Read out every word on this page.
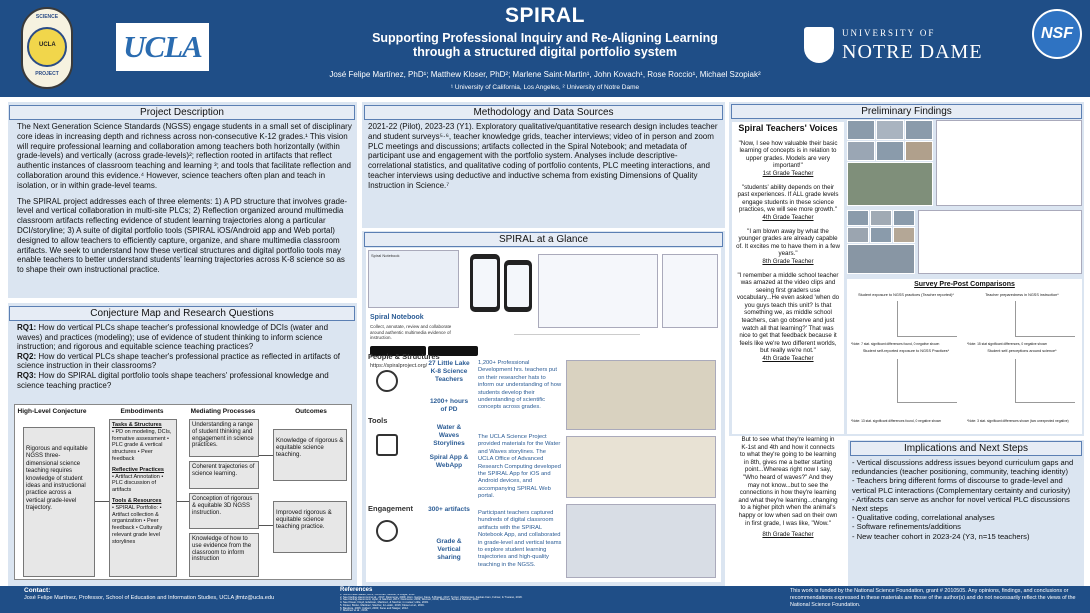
SCIENCE
UCLA
PROJECT
UCLA
SPIRAL
Supporting Professional Inquiry and Re-Aligning Learning
through a structured digital portfolio system
José Felipe Martínez, PhD¹; Matthew Kloser, PhD²; Marlene Saint-Martin¹, John Kovach¹, Rose Roccio¹, Michael Szopiak²
¹ University of California, Los Angeles, ² University of Notre Dame
UNIVERSITY OF
NOTRE DAME
NSF
Project Description

The Next Generation Science Standards (NGSS) engage students in a small set of disciplinary core ideas in increasing depth and richness across non-consecutive K-12 grades.¹ This vision will require professional learning and collaboration among teachers both horizontally (within grade-levels) and vertically (across grade-levels)²; reflection rooted in artifacts that reflect authentic instances of classroom teaching and learning ³; and tools that facilitate reflection and collaboration around this evidence.⁴ However, science teachers often plan and teach in isolation, or in within grade-level teams.

The SPIRAL project addresses each of three elements: 1) A PD structure that involves grade-level and vertical collaboration in multi-site PLCs; 2) Reflection organized around multimedia classroom artifacts reflecting evidence of student learning trajectories along a particular DCI/storyline; 3) A suite of digital portfolio tools (SPIRAL iOS/Android app and Web portal) designed to allow teachers to efficiently capture, organize, and share multimedia classroom artifacts. We seek to understand how these vertical structures and digital portfolio tools may enable teachers to better understand students' learning trajectories across K-8 science so as to shape their own instructional practice.

Conjecture Map and Research Questions
RQ1: How do vertical PLCs shape teacher's professional knowledge of DCIs (water and waves) and practices (modeling); use of evidence of student thinking to inform science instruction; and rigorous and equitable science teaching practices?
RQ2: How do vertical PLCs shape teacher's professional practice as reflected in artifacts of science instruction in their classrooms?
RQ3: How do SPIRAL digital portfolio tools shape teachers' professional knowledge and science teaching practice?
High-Level Conjecture	Embodiments	Mediating Processes	Outcomes
Rigorous and equitable NGSS three-dimensional science teaching requires knowledge of student ideas and instructional practice across a vertical grade-level trajectory.
Tasks & Structures
• PD on modeling, DCIs, formative assessment • PLC grade & vertical structures • Peer feedback
Reflective Practices
• Artifact Annotation • PLC discussion of artifacts
Tools & Resources
• SPIRAL Portfolio: • Artifact collection & organization • Peer feedback • Culturally relevant grade level storylines
Understanding a range of student thinking and engagement in science practices.
Coherent trajectories of science learning.
Conception of rigorous & equitable 3D NGSS instruction.
Knowledge of how to use evidence from the classroom to inform instruction
Knowledge of rigorous & equitable science teaching.
Improved rigorous & equitable science teaching practice.
Methodology and Data Sources
2021-22 (Pilot), 2023-23 (Y1). Exploratory qualitative/quantitative research design includes teacher and student surveys⁵·⁶, teacher knowledge grids, teacher interviews; video of in person and zoom PLC meetings and discussions; artifacts collected in the Spiral Notebook; and metadata of participant use and engagement with the portfolio system. Analyses include descriptive-correlational statistics, and qualitative coding of portfolio contents, PLC meeting interactions, and teacher interviews using deductive and inductive schema from existing Dimensions of Quality Instruction in Science.⁷
SPIRAL at a Glance
Spiral Notebook
Spiral Notebook
Collect, annotate, review and collaborate around authentic multimedia evidence of instruction.
https://spiralproject.org/
People & Structures
27 Little Lake K-8 Science Teachers
1200+ hours of PD
1,200+ Professional Development hrs. teachers put on their researcher hats to inform our understanding of how students develop their understanding of scientific concepts across grades.
Tools
Water & Waves Storylines
Spiral App & WebApp
The UCLA Science Project provided materials for the Water and Waves storylines. The UCLA Office of Advanced Research Computing developed the SPIRAL App for iOS and Android devices, and accompanying SPIRAL Web portal.
Engagement	300+ artifacts
Grade & Vertical sharing
Participant teachers captured hundreds of digital classroom artifacts with the SPIRAL Notebook App, and collaborated in grade-level and vertical teams to explore student learning trajectories and high-quality teaching in the NGSS.
Preliminary Findings
Spiral Teachers' Voices
"Now, I see how valuable their basic learning of concepts is in relation to upper grades. Models are very important!"
1st Grade Teacher
"students' ability depends on their past experiences. If ALL grade levels engage students in these science practices, we will see more growth."
4th Grade Teacher
"I am blown away by what the younger grades are already capable of. It excites me to have them in a few years."
8th Grade Teacher
"I remember a middle school teacher was amazed at the video clips and seeing first graders use vocabulary...He even asked 'when do you guys teach this unit? Is that something we, as middle school teachers, can go observe and just watch all that learning?' That was nice to get that feedback because it feels like we're two different worlds, but really we're not."
4th Grade Teacher
But to see what they're learning in K-1st and 4th and how it connects to what they're going to be learning in 8th, gives me a better starting point...Whereas right now I say, "Who heard of waves?" And they may not know...but to see the connections in how they're learning and what they're learning...changing to a higher pitch when the animal's happy or low when sad on their own in first grade, I was like, "Wow."
8th Grade Teacher
Survey Pre-Post Comparisons
Student exposure to NGSS practices (Teacher reported)*	Teacher preparedness in NGSS instruction*
*Note: 7 stat. significant differences found, 0 negative shown	*Note: 15 stat significant differences, 0 negative shown
Student self-reported exposure to NGSS Practices*	Student self-perceptions around science*
*Note: 13 stat. significant differences found, 0 negative shown	*Note: 3 stat. significant differences shown (two unexpected negative)
Implications and Next Steps
- Vertical discussions address issues beyond curriculum gaps and redundancies (teacher positioning, community, teaching identity)
- Teachers bring different forms of discourse to grade-level and vertical PLC interactions (Complementary certainty and curiosity)
- Artifacts can serve as anchor for novel vertical PLC discussions
Next steps
- Qualitative coding, correlational analyses
- Software refinements/additions
- New teacher cohort in 2023-24 (Y3, n=15 teachers)
Contact:
José Felipe Martínez, Professor, School of Education and Information Studies, UCLA jfmtz@ucla.edu
References
1. NGSS Lead States, 2013; Corcoran, Mosher, & Rogat, 2011.
2. See Darling-Hammond et al., 2017; Desimone, 2009; Horn, Garner, Kane, & Brasel, 2017; Turner, Christensen, Kackar-Cam, Fulmer, & Trucano, 2018.
3. See Darling-Hammond, Hyler, & Gardner, 2017; Desimone, 2009; Wenner, 2019; Martinez, Borko & Stecher, 2012.
4. See Kloser, Floyd, Edelman, Martinez, & Stecher, in review; Little, 2003.
5. Kloser, Borko, Martinez, Stecher, & Luskin, 2016; Kloser et al., 2016.
6. Bandura, 2006; Colbert, 2000; Kane and Staiger, 2012.
7. Martinez et al., 2016.
This work is funded by the National Science Foundation, grant # 2010505. Any opinions, findings, and conclusions or recommendations expressed in these materials are those of the author(s) and do not necessarily reflect the views of the National Science Foundation.
